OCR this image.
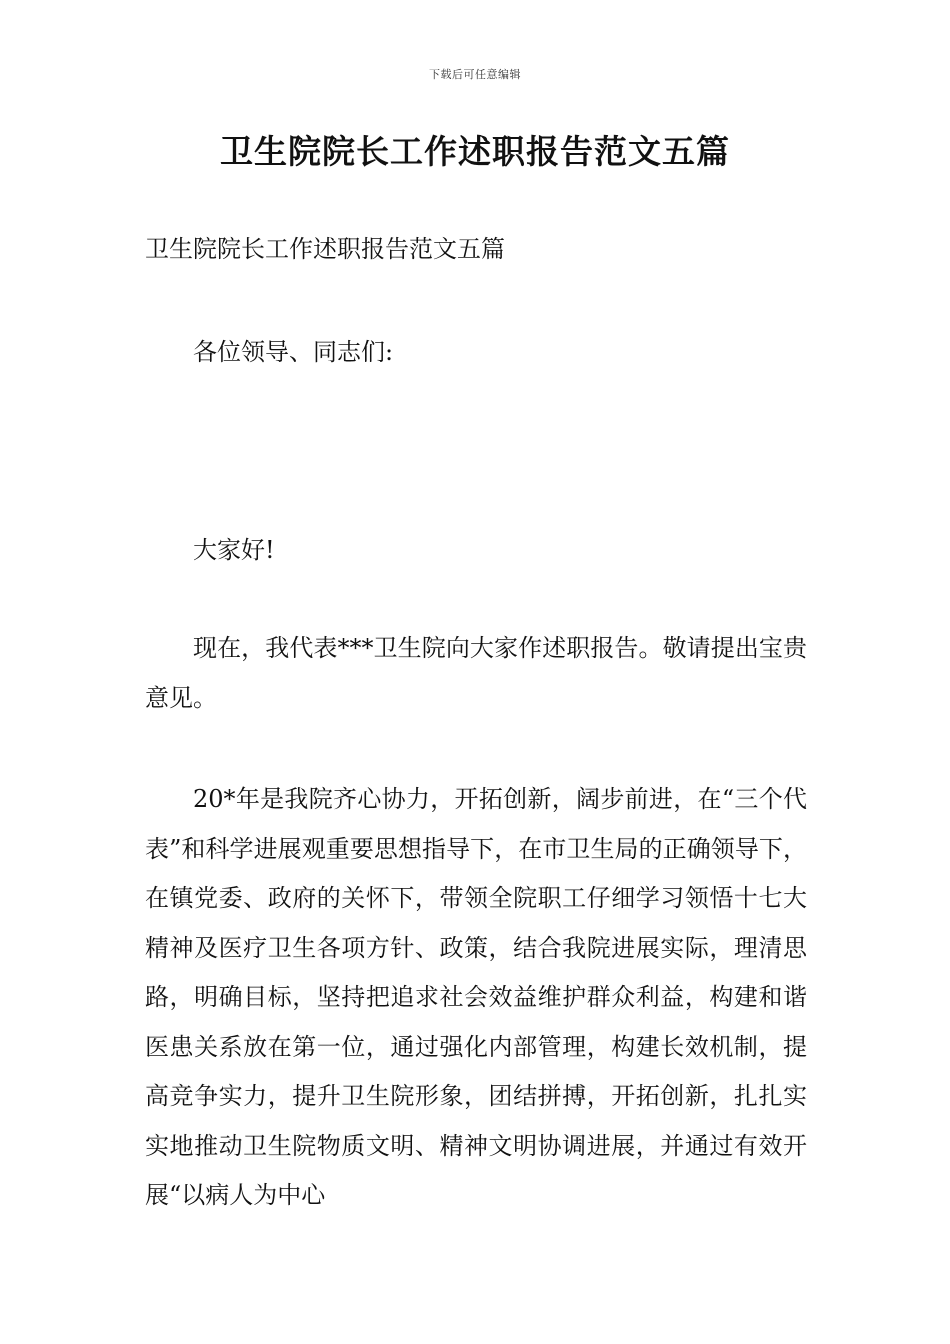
下载后可任意编辑
卫生院院长工作述职报告范文五篇

卫生院院长工作述职报告范文五篇

各位领导、同志们:

大家好!

现在，我代表***卫生院向大家作述职报告。敬请提出宝贵意见。

20*年是我院齐心协力，开拓创新，阔步前进，在“三个代表”和科学进展观重要思想指导下，在市卫生局的正确领导下，在镇党委、政府的关怀下，带领全院职工仔细学习领悟十七大精神及医疗卫生各项方针、政策，结合我院进展实际，理清思路，明确目标，坚持把追求社会效益维护群众利益，构建和谐医患关系放在第一位，通过强化内部管理，构建长效机制，提高竞争实力，提升卫生院形象，团结拼搏，开拓创新，扎扎实实地推动卫生院物质文明、精神文明协调进展，并通过有效开展“以病人为中心
